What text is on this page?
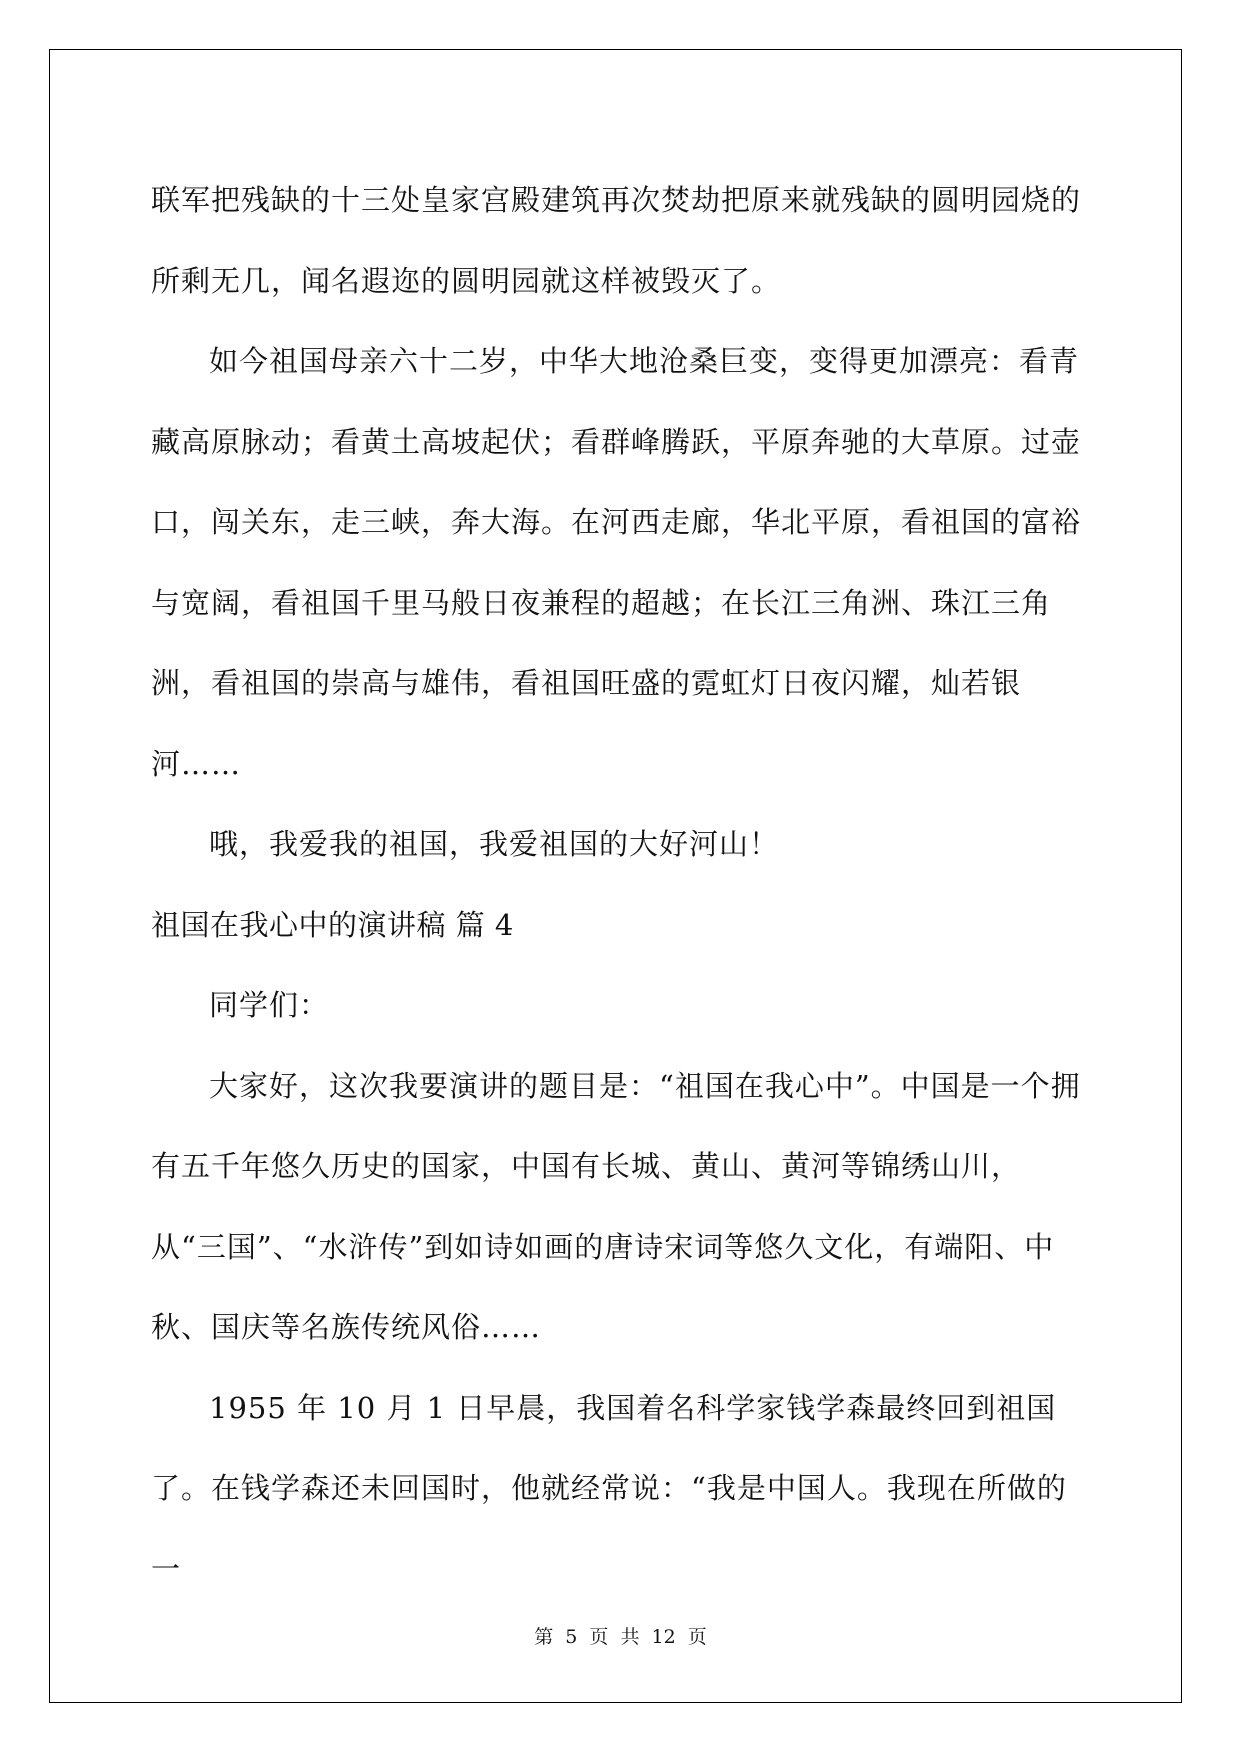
联军把残缺的十三处皇家宫殿建筑再次焚劫把原来就残缺的圆明园烧的所剩无几，闻名遐迩的圆明园就这样被毁灭了。

如今祖国母亲六十二岁，中华大地沧桑巨变，变得更加漂亮：看青藏高原脉动；看黄土高坡起伏；看群峰腾跃，平原奔驰的大草原。过壶口，闯关东，走三峡，奔大海。在河西走廊，华北平原，看祖国的富裕与宽阔，看祖国千里马般日夜兼程的超越；在长江三角洲、珠江三角洲，看祖国的崇高与雄伟，看祖国旺盛的霓虹灯日夜闪耀，灿若银河……

哦，我爱我的祖国，我爱祖国的大好河山！

祖国在我心中的演讲稿 篇 4

同学们：

大家好，这次我要演讲的题目是：“祖国在我心中”。中国是一个拥有五千年悠久历史的国家，中国有长城、黄山、黄河等锦绣山川，从“三国”、“水浒传”到如诗如画的唐诗宋词等悠久文化，有端阳、中秋、国庆等名族传统风俗……

1955 年 10 月 1 日早晨，我国着名科学家钱学森最终回到祖国了。在钱学森还未回国时，他就经常说：“我是中国人。我现在所做的一

第 5 页 共 12 页
